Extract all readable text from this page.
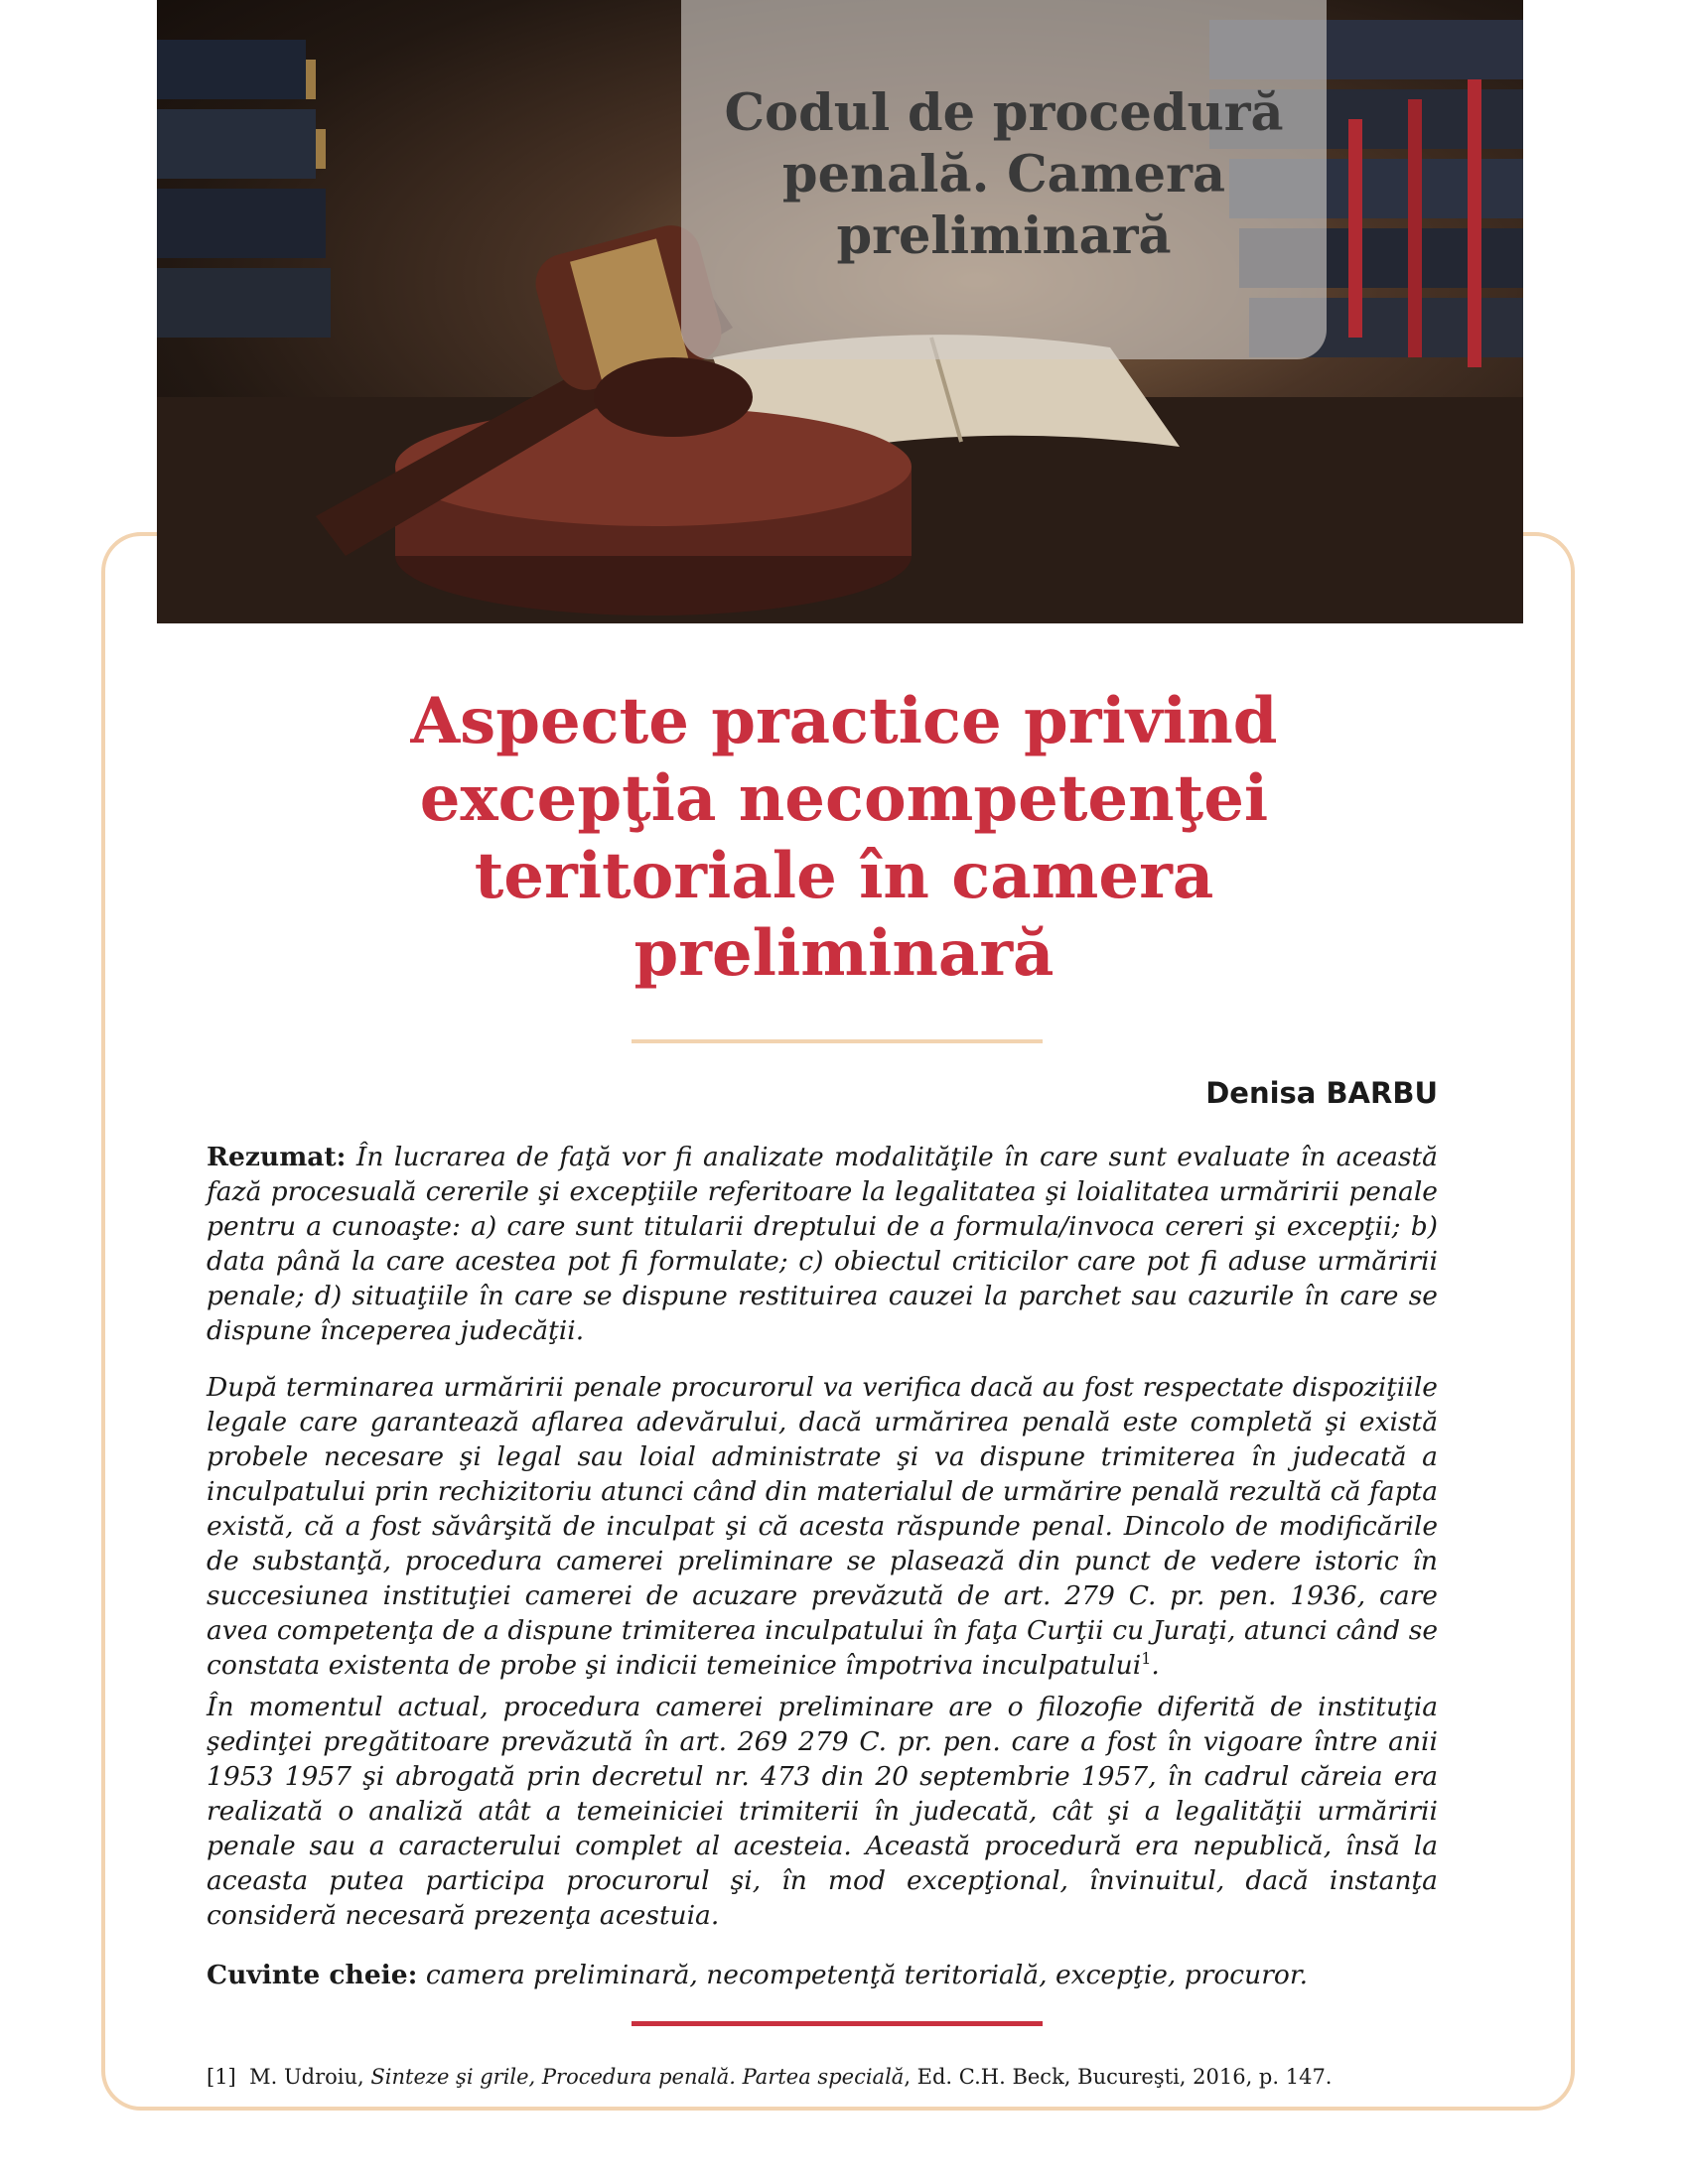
Codul de procedură penală. Camera preliminară
Aspecte practice privind excepţia necompetenţei teritoriale în camera preliminară
Denisa BARBU

Rezumat: În lucrarea de faţă vor fi analizate modalităţile în care sunt evaluate în această fază procesuală cererile şi excepţiile referitoare la legalitatea şi loialitatea urmăririi penale pentru a cunoaşte: a) care sunt titularii dreptului de a formula/invoca cereri şi excepţii; b) data până la care acestea pot fi formulate; c) obiectul criticilor care pot fi aduse urmăririi penale; d) situaţiile în care se dispune restituirea cauzei la parchet sau cazurile în care se dispune începerea judecăţii.

După terminarea urmăririi penale procurorul va verifica dacă au fost respectate dispoziţiile legale care garantează aflarea adevărului, dacă urmărirea penală este completă şi există probele necesare şi legal sau loial administrate şi va dispune trimiterea în judecată a inculpatului prin rechizitoriu atunci când din materialul de urmărire penală rezultă că fapta există, că a fost săvârşită de inculpat şi că acesta răspunde penal. Dincolo de modificările de substanţă, procedura camerei preliminare se plasează din punct de vedere istoric în succesiunea instituţiei camerei de acuzare prevăzută de art. 279 C. pr. pen. 1936, care avea competenţa de a dispune trimiterea inculpatului în faţa Curţii cu Juraţi, atunci când se constata existenta de probe şi indicii temeinice împotriva inculpatului$^1$.

În momentul actual, procedura camerei preliminare are o filozofie diferită de instituţia şedinţei pregătitoare prevăzută în art. 269 279 C. pr. pen. care a fost în vigoare între anii 1953 1957 şi abrogată prin decretul nr. 473 din 20 septembrie 1957, în cadrul căreia era realizată o analiză atât a temeiniciei trimiterii în judecată, cât şi a legalităţii urmăririi penale sau a caracterului complet al acesteia. Această procedură era nepublică, însă la aceasta putea participa procurorul şi, în mod excepţional, învinuitul, dacă instanţa consideră necesară prezenţa acestuia.

Cuvinte cheie: camera preliminară, necompetenţă teritorială, excepţie, procuror.

[1] M. Udroiu, Sinteze şi grile, Procedura penală. Partea specială, Ed. C.H. Beck, Bucureşti, 2016, p. 147.
